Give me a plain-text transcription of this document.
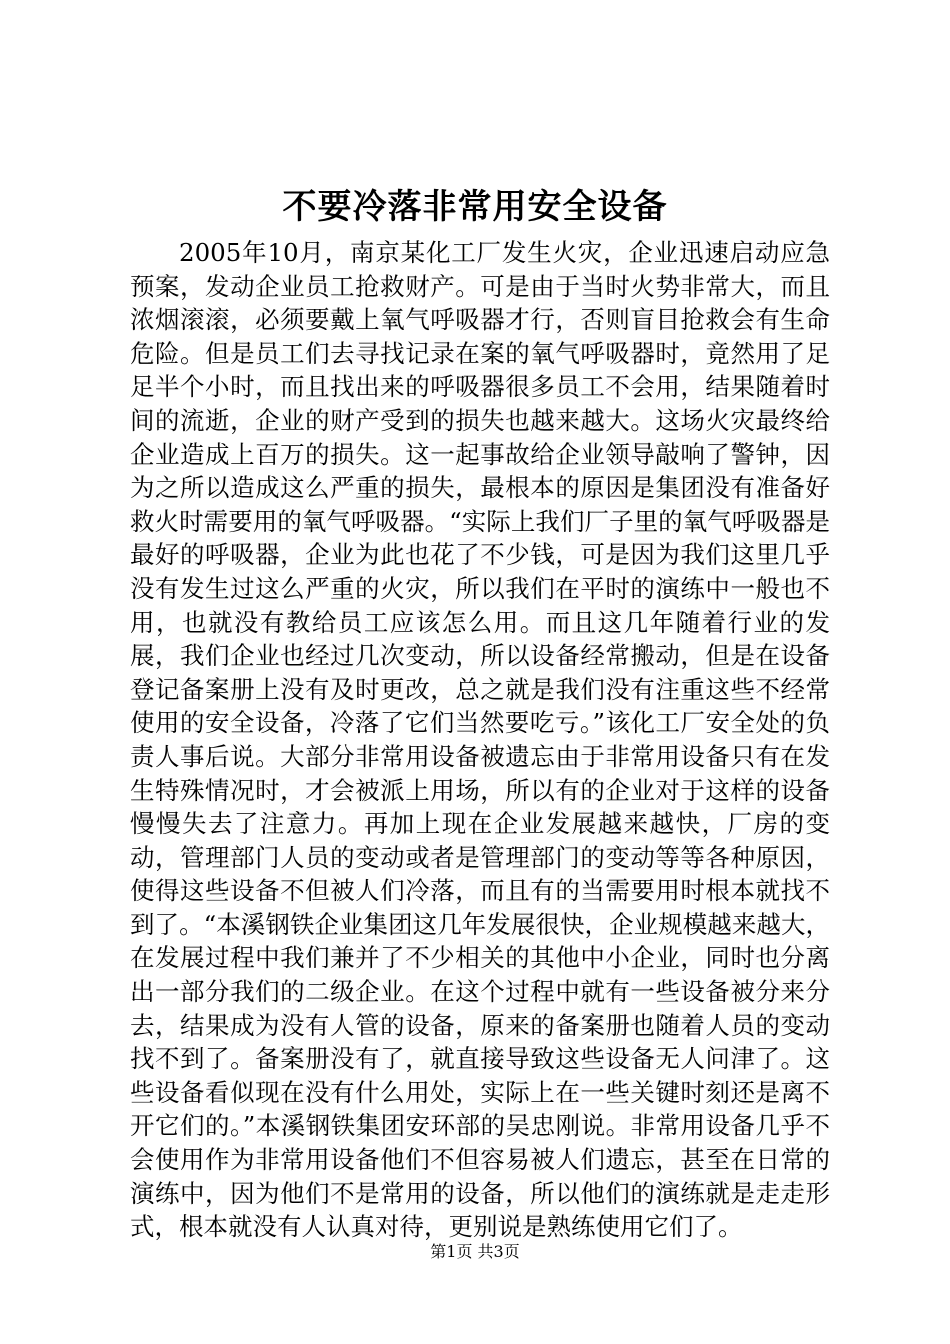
不要冷落非常用安全设备

2005年10月，南京某化工厂发生火灾，企业迅速启动应急预案，发动企业员工抢救财产。可是由于当时火势非常大，而且浓烟滚滚，必须要戴上氧气呼吸器才行，否则盲目抢救会有生命危险。但是员工们去寻找记录在案的氧气呼吸器时，竟然用了足足半个小时，而且找出来的呼吸器很多员工不会用，结果随着时间的流逝，企业的财产受到的损失也越来越大。这场火灾最终给企业造成上百万的损失。这一起事故给企业领导敲响了警钟，因为之所以造成这么严重的损失，最根本的原因是集团没有准备好救火时需要用的氧气呼吸器。“实际上我们厂子里的氧气呼吸器是最好的呼吸器，企业为此也花了不少钱，可是因为我们这里几乎没有发生过这么严重的火灾，所以我们在平时的演练中一般也不用，也就没有教给员工应该怎么用。而且这几年随着行业的发展，我们企业也经过几次变动，所以设备经常搬动，但是在设备登记备案册上没有及时更改，总之就是我们没有注重这些不经常使用的安全设备，冷落了它们当然要吃亏。”该化工厂安全处的负责人事后说。大部分非常用设备被遗忘由于非常用设备只有在发生特殊情况时，才会被派上用场，所以有的企业对于这样的设备慢慢失去了注意力。再加上现在企业发展越来越快，厂房的变动，管理部门人员的变动或者是管理部门的变动等等各种原因，使得这些设备不但被人们冷落，而且有的当需要用时根本就找不到了。“本溪钢铁企业集团这几年发展很快，企业规模越来越大，在发展过程中我们兼并了不少相关的其他中小企业，同时也分离出一部分我们的二级企业。在这个过程中就有一些设备被分来分去，结果成为没有人管的设备，原来的备案册也随着人员的变动找不到了。备案册没有了，就直接导致这些设备无人问津了。这些设备看似现在没有什么用处，实际上在一些关键时刻还是离不开它们的。”本溪钢铁集团安环部的吴忠刚说。非常用设备几乎不会使用作为非常用设备他们不但容易被人们遗忘，甚至在日常的演练中，因为他们不是常用的设备，所以他们的演练就是走走形式，根本就没有人认真对待，更别说是熟练使用它们了。

第1页 共3页
